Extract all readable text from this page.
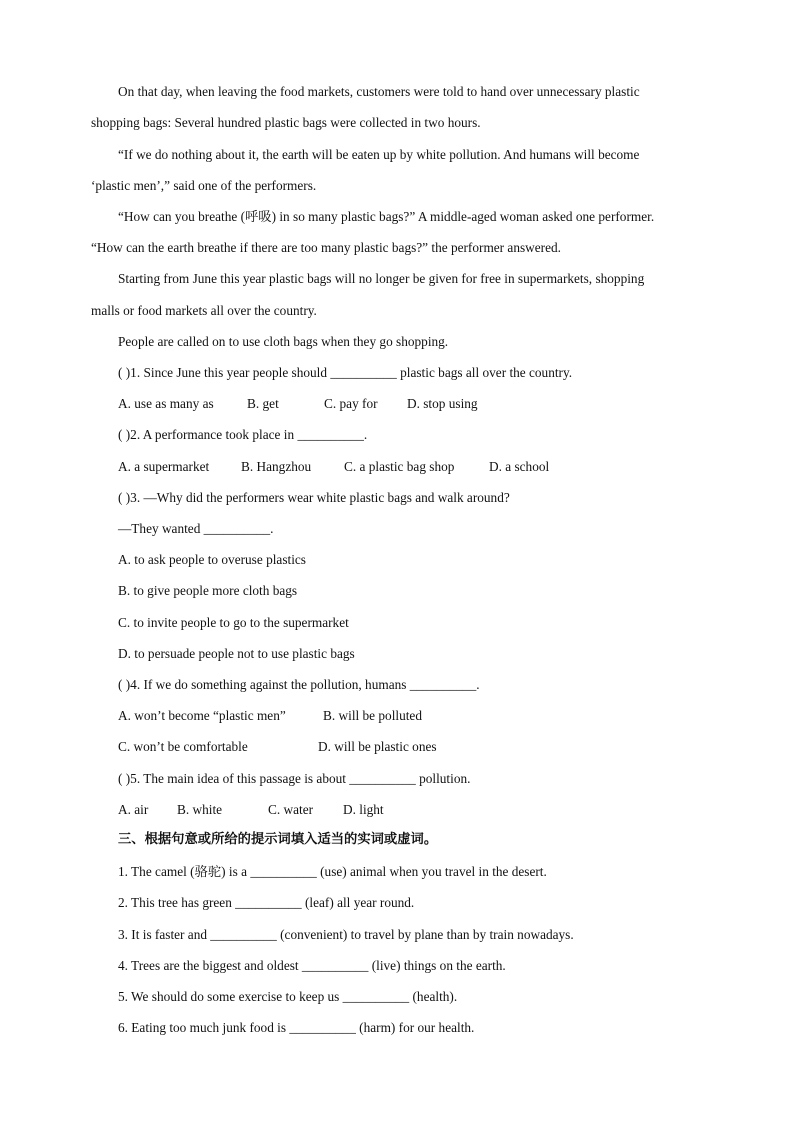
On that day, when leaving the food markets, customers were told to hand over unnecessary plastic
shopping bags: Several hundred plastic bags were collected in two hours.
“If we do nothing about it, the earth will be eaten up by white pollution. And humans will become
‘plastic men’,” said one of the performers.
“How can you breathe (呼吸) in so many plastic bags?” A middle-aged woman asked one performer.
“How can the earth breathe if there are too many plastic bags?” the performer answered.
Starting from June this year plastic bags will no longer be given for free in supermarkets, shopping
malls or food markets all over the country.
People are called on to use cloth bags when they go shopping.
( )1. Since June this year people should __________ plastic bags all over the country.
A. use as many as	B. get	C. pay for D. stop using
( )2. A performance took place in __________.
A. a supermarket B. Hangzhou C. a plastic bag shop	D. a school
( )3. —Why did the performers wear white plastic bags and walk around?
—They wanted __________.
A. to ask people to overuse plastics
B. to give people more cloth bags
C. to invite people to go to the supermarket
D. to persuade people not to use plastic bags
( )4. If we do something against the pollution, humans __________.
A. won’t become “plastic men”	B. will be polluted
C. won’t be comfortable	D. will be plastic ones
( )5. The main idea of this passage is about __________ pollution.
A. air B. white	C. water D. light
三、根据句意或所给的提示词填入适当的实词或虚词。
1. The camel (骆驼) is a __________ (use) animal when you travel in the desert.
2. This tree has green __________ (leaf) all year round.
3. It is faster and __________ (convenient) to travel by plane than by train nowadays.
4. Trees are the biggest and oldest __________ (live) things on the earth.
5. We should do some exercise to keep us __________ (health).
6. Eating too much junk food is __________ (harm) for our health.
